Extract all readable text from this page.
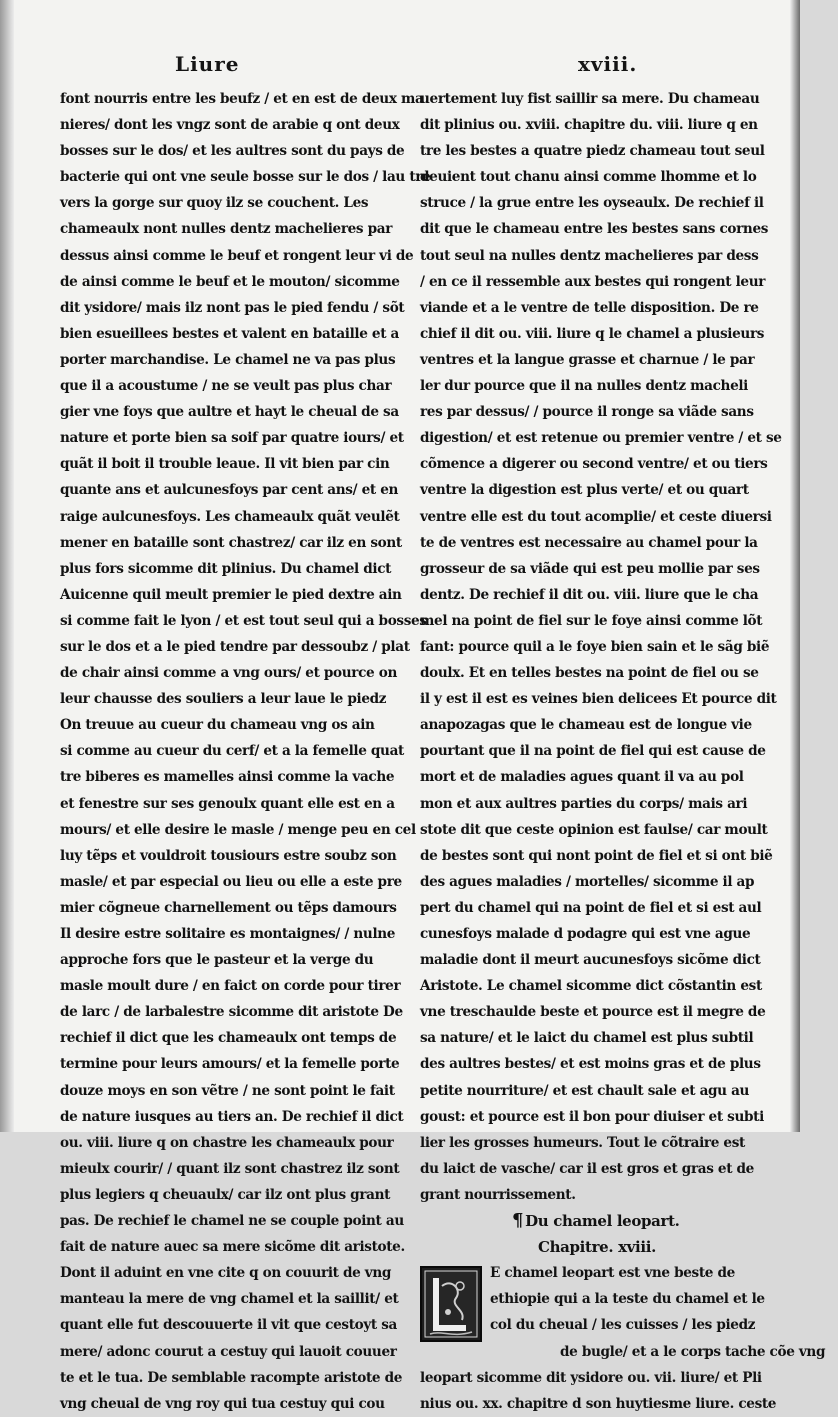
Liure	xviii.
font nourris entre les beufz / et en est de deux ma
nieres/ dont les vngz sont de arabie q ont deux
bosses sur le dos/ et les aultres sont du pays de
bacterie qui ont vne seule bosse sur le dos / lau tre
vers la gorge sur quoy ilz se couchent. Les
chameaulx nont nulles dentz machelieres par
dessus ainsi comme le beuf et rongent leur vi de
de ainsi comme le beuf et le mouton/ sicomme
dit ysidore/ mais ilz nont pas le pied fendu / sõt
bien esueillees bestes et valent en bataille et a
porter marchandise. Le chamel ne va pas plus
que il a acoustume / ne se veult pas plus char
gier vne foys que aultre et hayt le cheual de sa
nature et porte bien sa soif par quatre iours/ et
quãt il boit il trouble leaue. Il vit bien par cin
quante ans et aulcunesfoys par cent ans/ et en
raige aulcunesfoys. Les chameaulx quãt veulẽt
mener en bataille sont chastrez/ car ilz en sont
plus fors sicomme dit plinius. Du chamel dict
Auicenne quil meult premier le pied dextre ain
si comme fait le lyon / et est tout seul qui a bosses
sur le dos et a le pied tendre par dessoubz / plat
de chair ainsi comme a vng ours/ et pource on
leur chausse des souliers a leur laue le piedz
On treuue au cueur du chameau vng os ain
si comme au cueur du cerf/ et a la femelle quat
tre biberes es mamelles ainsi comme la vache
et fenestre sur ses genoulx quant elle est en a
mours/ et elle desire le masle / menge peu en cel
luy tẽps et vouldroit tousiours estre soubz son
masle/ et par especial ou lieu ou elle a este pre
mier cõgneue charnellement ou tẽps damours
Il desire estre solitaire es montaignes/ / nulne
approche fors que le pasteur et la verge du
masle moult dure / en faict on corde pour tirer
de larc / de larbalestre sicomme dit aristote De
rechief il dict que les chameaulx ont temps de
termine pour leurs amours/ et la femelle porte
douze moys en son vẽtre / ne sont point le fait
de nature iusques au tiers an. De rechief il dict
ou. viii. liure q on chastre les chameaulx pour
mieulx courir/ / quant ilz sont chastrez ilz sont
plus legiers q cheuaulx/ car ilz ont plus grant
pas. De rechief le chamel ne se couple point au
fait de nature auec sa mere sicõme dit aristote.
Dont il aduint en vne cite q on couurit de vng
manteau la mere de vng chamel et la saillit/ et
quant elle fut descouuerte il vit que cestoyt sa
mere/ adonc courut a cestuy qui lauoit couuer
te et le tua. De semblable racompte aristote de
vng cheual de vng roy qui tua cestuy qui cou
uertement luy fist saillir sa mere. Du chameau
dit plinius ou. xviii. chapitre du. viii. liure q en
tre les bestes a quatre piedz chameau tout seul
deuient tout chanu ainsi comme lhomme et lo
struce / la grue entre les oyseaulx. De rechief il
dit que le chameau entre les bestes sans cornes
tout seul na nulles dentz machelieres par dess
/ en ce il ressemble aux bestes qui rongent leur
viande et a le ventre de telle disposition. De re
chief il dit ou. viii. liure q le chamel a plusieurs
ventres et la langue grasse et charnue / le par
ler dur pource que il na nulles dentz macheli
res par dessus/ / pource il ronge sa viãde sans
digestion/ et est retenue ou premier ventre / et se
cõmence a digerer ou second ventre/ et ou tiers
ventre la digestion est plus verte/ et ou quart
ventre elle est du tout acomplie/ et ceste diuersi
te de ventres est necessaire au chamel pour la
grosseur de sa viãde qui est peu mollie par ses
dentz. De rechief il dit ou. viii. liure que le cha
mel na point de fiel sur le foye ainsi comme lõt
fant: pource quil a le foye bien sain et le sãg biẽ
doulx. Et en telles bestes na point de fiel ou se
il y est il est es veines bien delicees Et pource dit
anapozagas que le chameau est de longue vie
pourtant que il na point de fiel qui est cause de
mort et de maladies agues quant il va au pol
mon et aux aultres parties du corps/ mais ari
stote dit que ceste opinion est faulse/ car moult
de bestes sont qui nont point de fiel et si ont biẽ
des agues maladies / mortelles/ sicomme il ap
pert du chamel qui na point de fiel et si est aul
cunesfoys malade d podagre qui est vne ague
maladie dont il meurt aucunesfoys sicõme dict
Aristote. Le chamel sicomme dict cõstantin est
vne treschaulde beste et pource est il megre de
sa nature/ et le laict du chamel est plus subtil
des aultres bestes/ et est moins gras et de plus
petite nourriture/ et est chault sale et agu au
goust: et pource est il bon pour diuiser et subti
lier les grosses humeurs. Tout le cõtraire est
du laict de vasche/ car il est gros et gras et de
grant nourrissement.
¶ Du chamel leopart.
Chapitre. xviii.
E chamel leopart est vne beste de
ethiopie qui a la teste du chamel et le
col du cheual / les cuisses / les piedz
de bugle/ et a le corps tache cõe vng
leopart sicomme dit ysidore ou. vii. liure/ et Pli
nius ou. xx. chapitre d son huytiesme liure. ceste
